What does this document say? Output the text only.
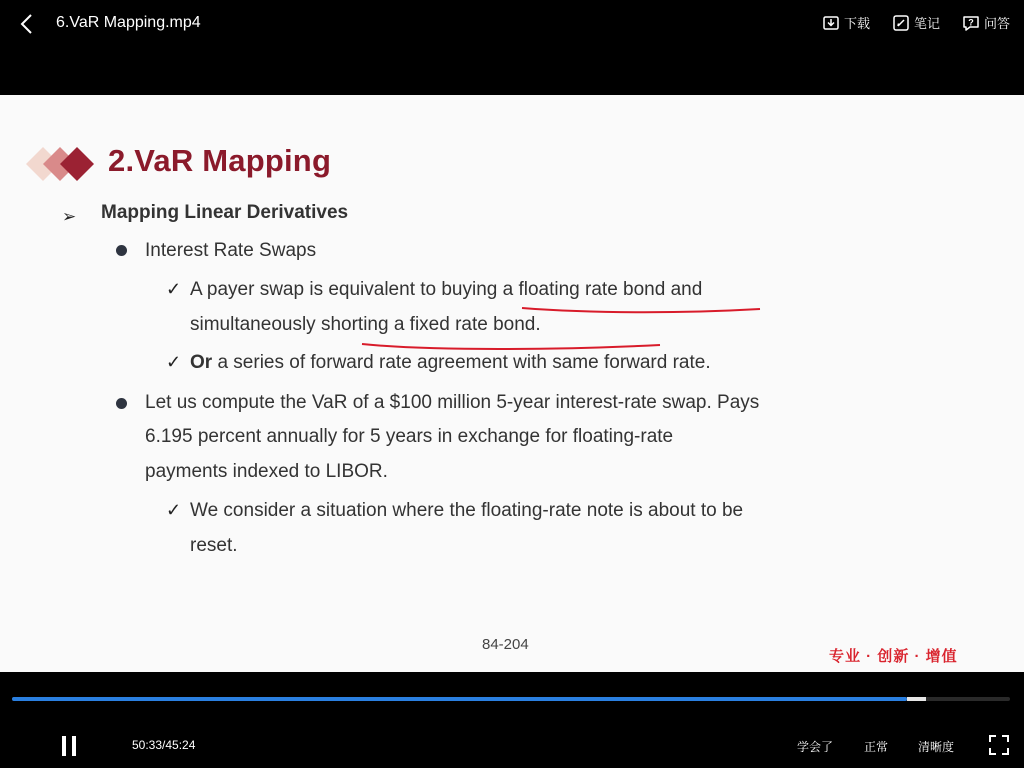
6.VaR Mapping.mp4	下载	笔记	? 问答
2.VaR Mapping
➢ Mapping Linear Derivatives
Interest Rate Swaps
✓ A payer swap is equivalent to buying a floating rate bond and
simultaneously shorting a fixed rate bond.
✓ Or a series of forward rate agreement with same forward rate.
Let us compute the VaR of a $100 million 5-year interest-rate swap. Pays
6.195 percent annually for 5 years in exchange for floating-rate
payments indexed to LIBOR.
✓ We consider a situation where the floating-rate note is about to be
reset.
84-204
专业 · 创新 · 增值
50:33/45:24	学会了	正常 清晰度
